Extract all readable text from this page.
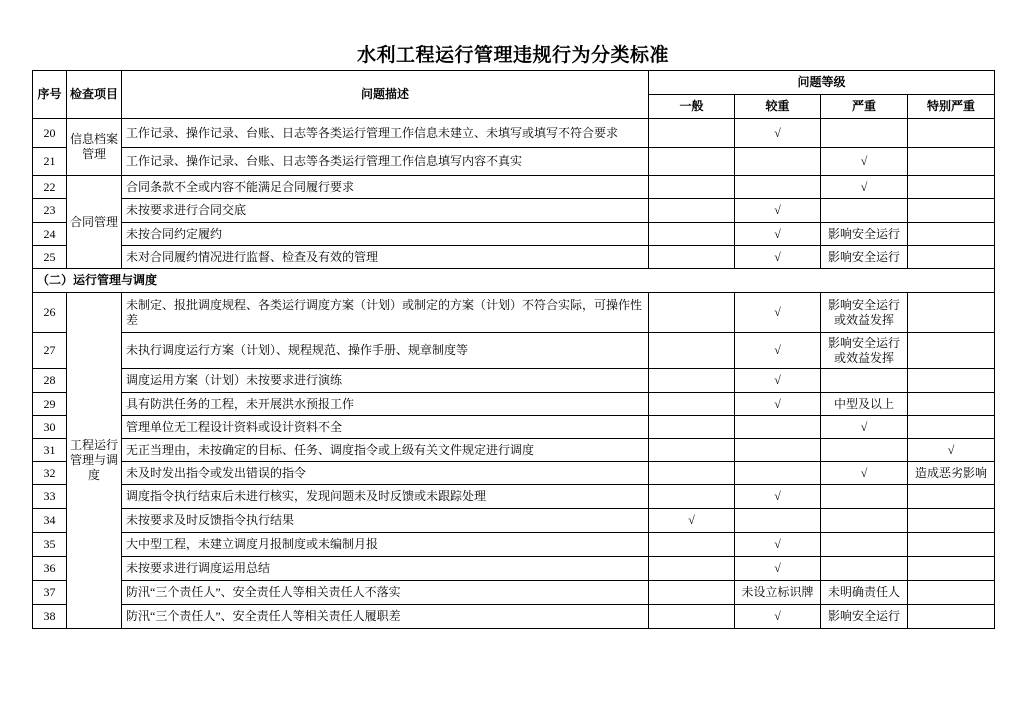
水利工程运行管理违规行为分类标准
序号	检查项目	问题描述	问题等级			
			一般	较重	严重	特别严重
20	信息档案管理	工作记录、操作记录、台账、日志等各类运行管理工作信息未建立、未填写或填写不符合要求		√		
21		工作记录、操作记录、台账、日志等各类运行管理工作信息填写内容不真实			√	
22	合同管理	合同条款不全或内容不能满足合同履行要求			√	
23		未按要求进行合同交底		√		
24		未按合同约定履约		√	影响安全运行	
25		未对合同履约情况进行监督、检查及有效的管理		√	影响安全运行	
（二）运行管理与调度						
26	工程运行管理与调度	未制定、报批调度规程、各类运行调度方案（计划）或制定的方案（计划）不符合实际，可操作性差		√	影响安全运行或效益发挥	
27		未执行调度运行方案（计划）、规程规范、操作手册、规章制度等		√	影响安全运行或效益发挥	
28		调度运用方案（计划）未按要求进行演练		√		
29		具有防洪任务的工程，未开展洪水预报工作		√	中型及以上	
30		管理单位无工程设计资料或设计资料不全			√	
31		无正当理由，未按确定的目标、任务、调度指令或上级有关文件规定进行调度				√
32		未及时发出指令或发出错误的指令			√	造成恶劣影响
33		调度指令执行结束后未进行核实，发现问题未及时反馈或未跟踪处理		√		
34		未按要求及时反馈指令执行结果	√			
35		大中型工程，未建立调度月报制度或未编制月报		√		
36		未按要求进行调度运用总结		√		
37		防汛“三个责任人”、安全责任人等相关责任人不落实		未设立标识牌	未明确责任人	
38		防汛“三个责任人”、安全责任人等相关责任人履职差		√	影响安全运行	
